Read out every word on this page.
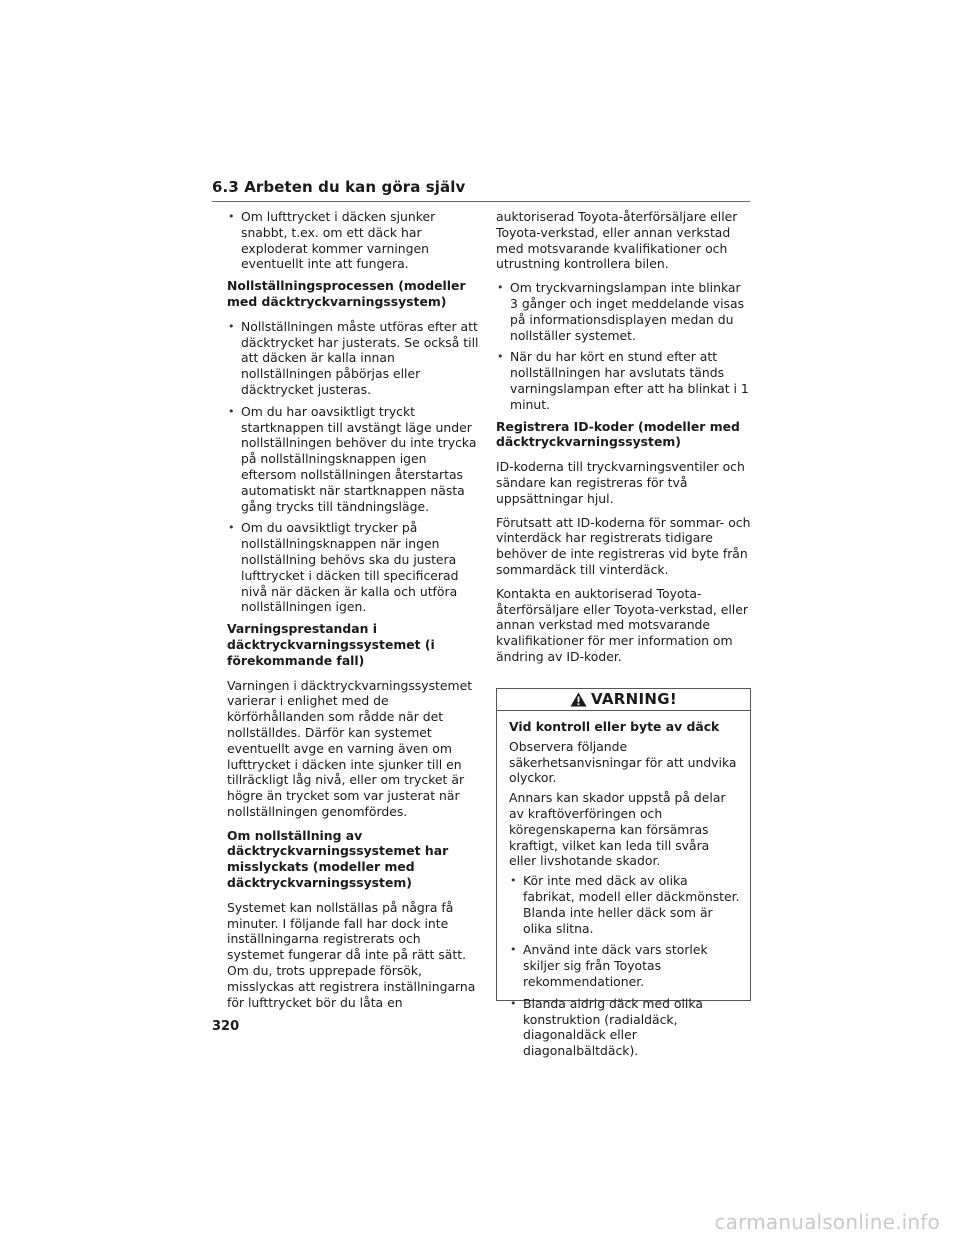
6.3 Arbeten du kan göra själv
• Om lufttrycket i däcken sjunker snabbt, t.ex. om ett däck har exploderat kommer varningen eventuellt inte att fungera.

Nollställningsprocessen (modeller med däcktryckvarningssystem)

• Nollställningen måste utföras efter att däcktrycket har justerats. Se också till att däcken är kalla innan nollställningen påbörjas eller däcktrycket justeras.
• Om du har oavsiktligt tryckt startknappen till avstängt läge under nollställningen behöver du inte trycka på nollställningsknappen igen eftersom nollställningen återstartas automatiskt när startknappen nästa gång trycks till tändningsläge.
• Om du oavsiktligt trycker på nollställningsknappen när ingen nollställning behövs ska du justera lufttrycket i däcken till specificerad nivå när däcken är kalla och utföra nollställningen igen.

Varningsprestandan i däcktryckvarningssystemet (i förekommande fall)

Varningen i däcktryckvarningssystemet varierar i enlighet med de körförhållanden som rådde när det nollställdes. Därför kan systemet eventuellt avge en varning även om lufttrycket i däcken inte sjunker till en tillräckligt låg nivå, eller om trycket är högre än trycket som var justerat när nollställningen genomfördes.

Om nollställning av däcktryckvarningssystemet har misslyckats (modeller med däcktryckvarningssystem)

Systemet kan nollställas på några få minuter. I följande fall har dock inte inställningarna registrerats och systemet fungerar då inte på rätt sätt. Om du, trots upprepade försök, misslyckas att registrera inställningarna för lufttrycket bör du låta en

auktoriserad Toyota-återförsäljare eller Toyota-verkstad, eller annan verkstad med motsvarande kvalifikationer och utrustning kontrollera bilen.

• Om tryckvarningslampan inte blinkar 3 gånger och inget meddelande visas på informationsdisplayen medan du nollställer systemet.
• När du har kört en stund efter att nollställningen har avslutats tänds varningslampan efter att ha blinkat i 1 minut.

Registrera ID-koder (modeller med däcktryckvarningssystem)

ID-koderna till tryckvarningsventiler och sändare kan registreras för två uppsättningar hjul.

Förutsatt att ID-koderna för sommar- och vinterdäck har registrerats tidigare behöver de inte registreras vid byte från sommardäck till vinterdäck.

Kontakta en auktoriserad Toyota-återförsäljare eller Toyota-verkstad, eller annan verkstad med motsvarande kvalifikationer för mer information om ändring av ID-koder.

VARNING!

Vid kontroll eller byte av däck

Observera följande säkerhetsanvisningar för att undvika olyckor.

Annars kan skador uppstå på delar av kraftöverföringen och köregenskaperna kan försämras kraftigt, vilket kan leda till svåra eller livshotande skador.

• Kör inte med däck av olika fabrikat, modell eller däckmönster. Blanda inte heller däck som är olika slitna.
• Använd inte däck vars storlek skiljer sig från Toyotas rekommendationer.
• Blanda aldrig däck med olika konstruktion (radialdäck, diagonaldäck eller diagonalbältdäck).
320
carmanualsonline.info
